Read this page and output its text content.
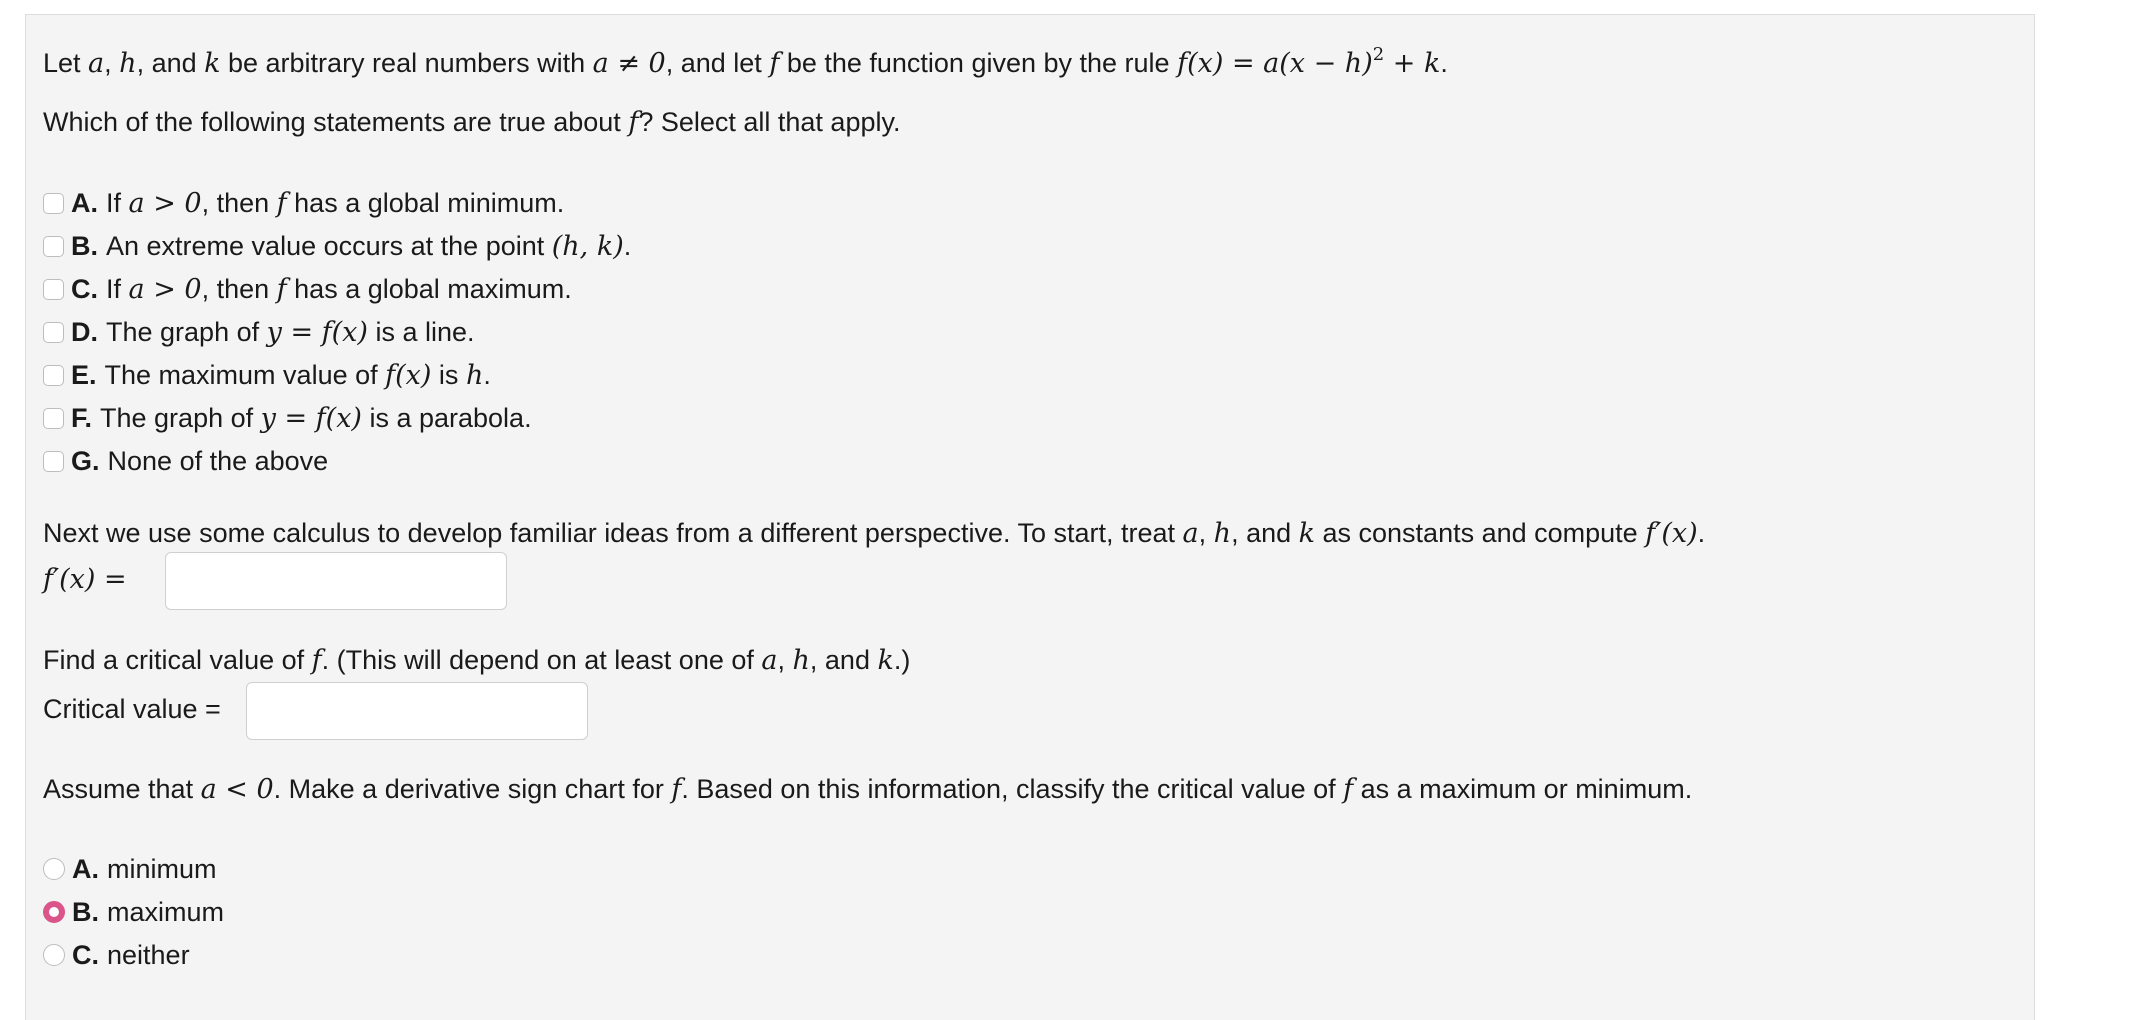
Let a, h, and k be arbitrary real numbers with a ≠ 0, and let f be the function given by the rule $f(x) = a(x - h)^2 + k$.
Which of the following statements are true about f? Select all that apply.
A. If a > 0, then f has a global minimum.
B. An extreme value occurs at the point (h, k).
C. If a > 0, then f has a global maximum.
D. The graph of y = f(x) is a line.
E. The maximum value of f(x) is h.
F. The graph of y = f(x) is a parabola.
G. None of the above
Next we use some calculus to develop familiar ideas from a different perspective. To start, treat a, h, and k as constants and compute f′(x).
f′(x) =
Find a critical value of f. (This will depend on at least one of a, h, and k.)
Critical value =
Assume that a < 0. Make a derivative sign chart for f. Based on this information, classify the critical value of f as a maximum or minimum.
A. minimum
B. maximum
C. neither
